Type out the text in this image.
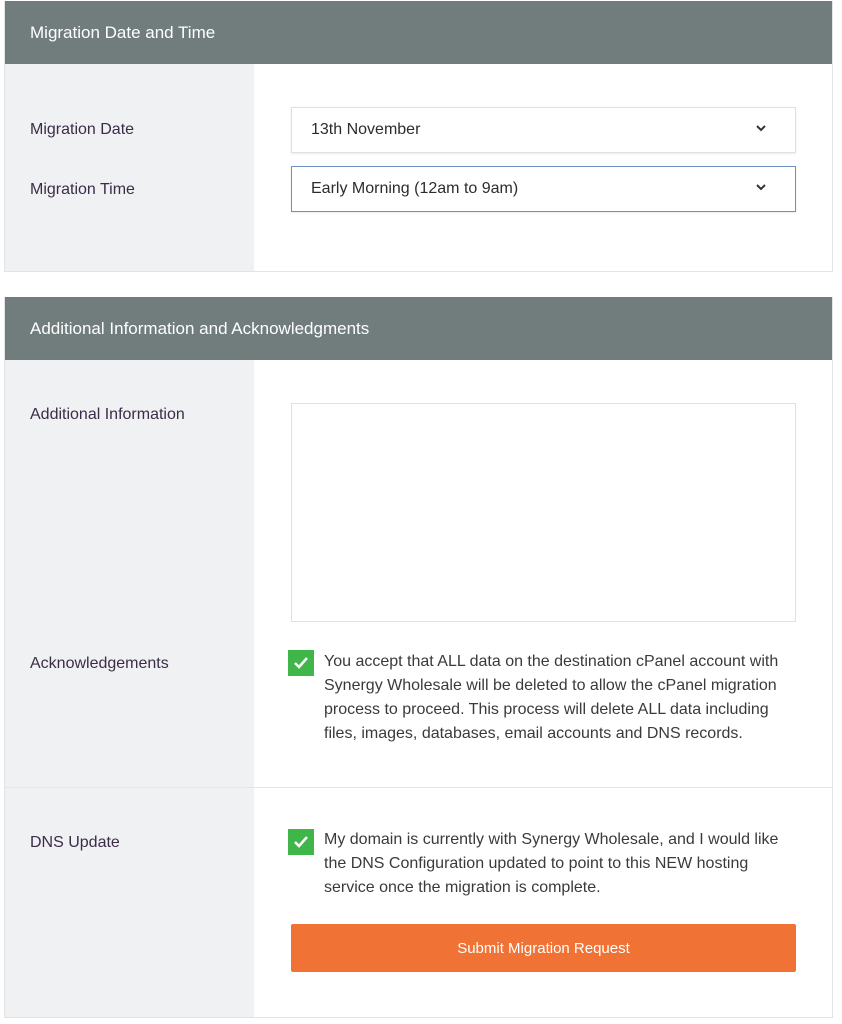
Migration Date and Time
Migration Date	13th November
Migration Time	Early Morning (12am to 9am)
Additional Information and Acknowledgments
Additional Information
Acknowledgements	You accept that ALL data on the destination cPanel account with Synergy Wholesale will be deleted to allow the cPanel migration process to proceed. This process will delete ALL data including files, images, databases, email accounts and DNS records.
DNS Update	My domain is currently with Synergy Wholesale, and I would like the DNS Configuration updated to point to this NEW hosting service once the migration is complete.
Submit Migration Request
